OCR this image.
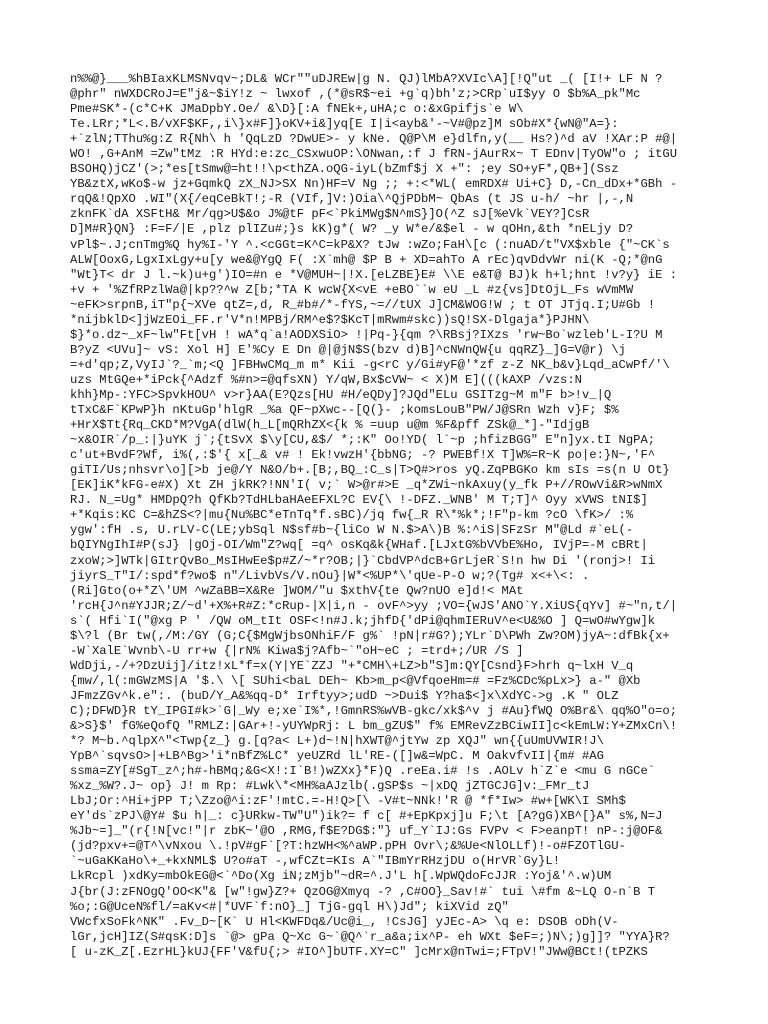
n%%@}___%hBIaxKLMSNvqv~;DL& WCr""uDJREw|g N. QJ)lMbA?XVIc\A][!Q"ut _( [I!+ LF N ?
@phr" nWXDCRoJ=E"j&~$iY!z ~ lwxof ,(*@sR$~ei +g`q)bh'z;>CRp`uI$yy O $b%A_pk"Mc
Pme#SK*-(c*C+K JMaDpbY.Oe/ &\D}[:A fNEk+,uHA;c o:&xGpifjs`e W\
Te.LRr;*L<.B/vXF$KF,,i\}x#F]}oKV+i&]yq[E I|i<ayb&'-~V#@pz]M sOb#X*{wN@"A=}:
+`zlN;TThu%g:Z R{Nh\ h 'QqLzD ?DwUE>- y kNe. Q@P\M e}dlfn,y(__ Hs?)^d aV !XAr:P #@|
WO! ,G+AnM =Zw"tMz :R HYd:e:zc_CSxwuOP:\ONwan,:f J fRN-jAurRx~ T EDnv|TyOW"o ; itGU
BSOHQ)jCZ'(>;*es[tSmw@=ht!!\p<thZA.oQG-iyL(bZmf$j X +": ;ey SO+yF*,QB+](Ssz
YB&ztX,wKo$-w jz+GqmkQ zX_NJ>SX Nn)HF=V Ng ;; +:<*WL( emRDX# Ui+C} D,-Cn_dDx+*GBh -
rqQ&!QpXO .WI"(X{/eqCeBkT!;-R (VIf,]V:)Oia\^QjPDbM~ QbAs (t JS u-h/ ~hr |,-,N
zknFK`dA XSFtH& Mr/qg>U$&o J%@tF pF<`PkiMWg$N^mS}]O(^Z sJ[%eVk`VEY?]CsR
D]M#R}QN} :F=F/|E ,plz plIZu#;}s kK)g*( W? _y W*e/&$el - w qOHn,&th *nELjy D?
vPl$~.J;cnTmg%Q hy%I-'Y ^.<cGGt=K^C=kP&X? tJw :wZo;FaH\[c (:nuAD/t"VX$xble {"~CK`s
ALW[OoxG,LgxIxLgy+u[y we&@YgQ F( :X`mh@ $P B + XD=ahTo A rEc)qvDdvWr ni(K -Q;*@nG
"Wt}T< dr J l.~k)u+g')IO=#n e *V@MUH~|!X.[eLZBE}E# \\E e&T@ BJ)k h+l;hnt !v?y} iE :
+v + '%ZfRPzlWa@|kp??^w Z[b;*TA K wcW{X<vE +eBO``w eU _L #z{vs]DtOjL_Fs wVmMW
~eFK>srpnB,iT"p{~XVe qtZ=,d, R_#b#/*-fYS,~=//tUX J]CM&WOG!W ; t OT JTjq.I;U#Gb !
*nijbklD<]jWzEOi_FF.r'V*n!MPBj/RM^e$?$KcT|mRwm#skc))sQ!SX-Dlgaja*}PJHN\
$}*o.dz~_xF~lw"Ft[vH ! wA*q`a!AODXSiO> !|Pq-}{qm ?\RBsj?IXzs 'rw~Bo`wzleb'L-I?U M
B?yZ <UVu]~ vS: Xol H] E'%Cy E Dn @|@jN$S(bzv d)B]^cNWnQW{u qqRZ}_]G=V@r) \j
=+d'qp;Z,VyIJ`?_`m;<Q ]FBHwCMq_m m* Kii -g<rC y/Gi#yF@'*zf z-Z NK_b&v}Lqd_aCwPf/'\
uzs MtGQe+*iPck{^Adzf %#n>=@qfsXN) Y/qW,Bx$cVW~ < X)M E](((kAXP /vzs:N
khh}Mp-:YFC>SpvkHOU^ v>r}AA(E?Qzs[HU #H/eQDy]?JQd"ELu GSITzg~M m"F b>!v_|Q
tTxC&F`KPwP}h nKtuGp'hlgR _%a QF~pXwc--[Q(}- ;komsLouB"PW/J@SRn Wzh v}F; $%
+HrX$Tt{Rq_CKD*M?VgA(dlW(h_L[mQRhZX<{k % =uup u@m %F&pff ZSk@_*]-"IdjgB
~x&OIR`/p_:|}uYK j`;{tSvX $\y[CU,&$/ *;:K" Oo!YD( l`~p ;hfizBGG" E"n]yx.tI NgPA;
c'ut+BvdF?Wf, i%(,:$'{ x[_& v# ! Ek!vwzH'{bbNG; -? PWEBf!X T]W%=R~K po|e:}N~,'F^
giTI/Us;nhsvr\o][>b je@/Y N&O/b+.[B;,BQ_:C_s|T>Q#>ros yQ.ZqPBGKo km sIs =s(n U Ot}
[EK]iK*kFG-e#X) Xt ZH jkRK?!NN'I( v;` W>@r#>E _q*ZWi~nkAxuy(y_fk P+//ROwVi&R>wNmX
RJ. N_=Ug* HMDpQ?h QfKb?TdHLbaHAeEFXL?C EV{\ !-DFZ._WNB' M T;T]^ Oyy xVWS tNI$]
+*Kqis:KC C=&hZS<?|mu{Nu%BC*eTnTq*f.sBC)/jq fw{_R R\*%k*;!F"p-km ?cO \fK>/ :%
ygw':fH .s, U.rLV-C(LE;ybSql N$sf#b~{liCo W N.$>A\)B %:^iS|SFzSr M"@Ld #`eL(-
bQIYNgIhI#P(sJ} |gOj-OI/Wm"Z?wq[ =q^ osKq&k{WHaf.[LJxtG%bVVbE%Ho, IVjP=-M cBRt|
zxoW;>]WTk|GItrQvBo_MsIHwEe$p#Z/~*r?OB;|}`CbdVP^dcB+GrLjeR`S!n hw Di '(ronj>! Ii
jiyrS_T"I/:spd*f?wo$ n"/LivbVs/V.nOu}|W*<%UP*\'qUe-P-O w;?(Tg# x<+\<: .
(Ri]Gto(o+*Z\'UM ^wZaBB=X&Re ]WOM/"u $xthV{te Qw?nUO e]d!< MAt
'rcH{J^n#YJJR;Z/~d'+X%+R#Z:*cRup-|X|i,n - ovF^>yy ;VO={wJS'ANO`Y.XiUS{qYv] #~"n,t/|
s`( Hfi`I("@xg P ' /QW oM_tIt OSF<!n#J.k;jhfD{'dPi@qhmIERuV^e<U&%O ] Q=wO#wYgw]k
$\?l (Br tw(,/M:/GY (G;C{$MgWjbsONhiF/F g%` !pN|r#G?);YLr`D\PWh Zw?OM)jyA~:dfBk{x+
-W`XalE`Wvnb\-U rr+w {|rN% Kiwa$j?Afb~`"oH~eC ; =trd+;/UR /S ]
WdDji,-/+?DzUij]/itz!xL*f=x(Y|YE`ZZJ "+*CMH\+LZ>b"S]m:QY[Csnd}F>hrh q~lxH V_q
{mw/,l(:mGWzMS|A '$.\ \[ SUhi<baL DEh~ Kb>m_p<@VfqoeHm=# =Fz%CDc%pLx>} a-" @Xb
JFmzZGv^k.e":. (buD/Y_A&%qq-D* Irftyy>;udD ~>Dui$ Y?ha$<]x\XdYC->g .K " OLZ
C);DFWD}R tY_IPGI#k>`G|_Wy e;xe`I%*,!GmnRS%wVB-gkc/xk$^v j #Au}fWQ O%Br&\ qq%O"o=o;
&>S}$' fG%eQofQ "RMLZ:|GAr+!-yUYWpRj: L bm_gZU$" f% EMRevZzBCiwII]c<kEmLW:Y+ZMxCn\!
*? M~b.^qlpX^"<Twp{z_} g.[q?a< L+)d~!N|hXWT@^jtYw zp XQJ" wn{{uUmUVWIR!J\
YpB^`sqvsO>|+LB^Bg>'i*nBfZ%LC* yeUZRd lL'RE-([]w&=WpC. M OakvfvII|{m# #AG
ssma=ZY[#SgT_z^;h#-hBMq;&G<X!:I`B!)wZXx}*F)Q .reEa.i# !s .AOLv h`Z`e <mu G nGCe`
%xz_%W?.J~ op} J! m Rp: #Lwk\*<MH%aAJzlb(.gSP$s ~|xDQ jZTGCJG]v:_FMr_tJ
LbJ;Or:^Hi+jPP T;\Zzo@^i:zF'!mtC.=-H!Q>[\ -V#t~NNk!'R @ *f*Iw> #w+[WK\I SMh$
eY'ds`zPJ\@Y# $u h|_: c}URkw-TW"U")ik?= f c[ #+EpKpxj]u F;\t [A?gG)XB^[}A" s%,N=J
%Jb~=]_"(r{!N[vc!"|r zbK~'@O ,RMG,f$E?DG$:"} uf_Y`IJ:Gs FVPv < F>eanpT! nP-:j@OF&
(jd?pxv+=@T^\vNxou \.!pV#gF`[?T:hzWH<%^aWP.pPH Ovr\;&%Ue<NlOLLf)!-o#FZOTlGU-
`~uGaKKaHo\+_+kxNML$ U?o#aT -,wfCZt=KIs A`"IBmYrRHzjDU o(HrVR`Gy}L!
LkRcpl )xdKy=mbOkEG@<`^Do(Xg iN;zMjb"~dR=^.J'L h[.WpWQdoFcJJR :Yoj&'^.w)UM
J{br(J:zFNOgQ'OO<K"& [w"!gw}Z?+ QzOG@Xmyq -? ,C#OO}_Sav!#` tui \#fm &~LQ O-n`B T
%o;:G@UceN%fl/=aKv<#|*UVF`f:nO}_] TjG-gql H\)Jd"; kiXVid zQ"
VWcfxSoFk^NK" .Fv_D~[K` U Hl<KWFDq&/Uc@i_, !CsJG] yJEc-A> \q e: DSOB oDh(V-
lGr,jcH]IZ(S#qsK:D]s `@> gPa Q~Xc G~`@Q^`r_a&a;ix^P- eh WXt $eF=;)N\;)g]]? "YYA}R?
[ u-zK_Z[.EzrHL}kUJ{FF'V&fU{;> #IO^]bUTF.XY=C" ]cMrx@nTwi=;FTpV!"JWw@BCt!(tPZKS
